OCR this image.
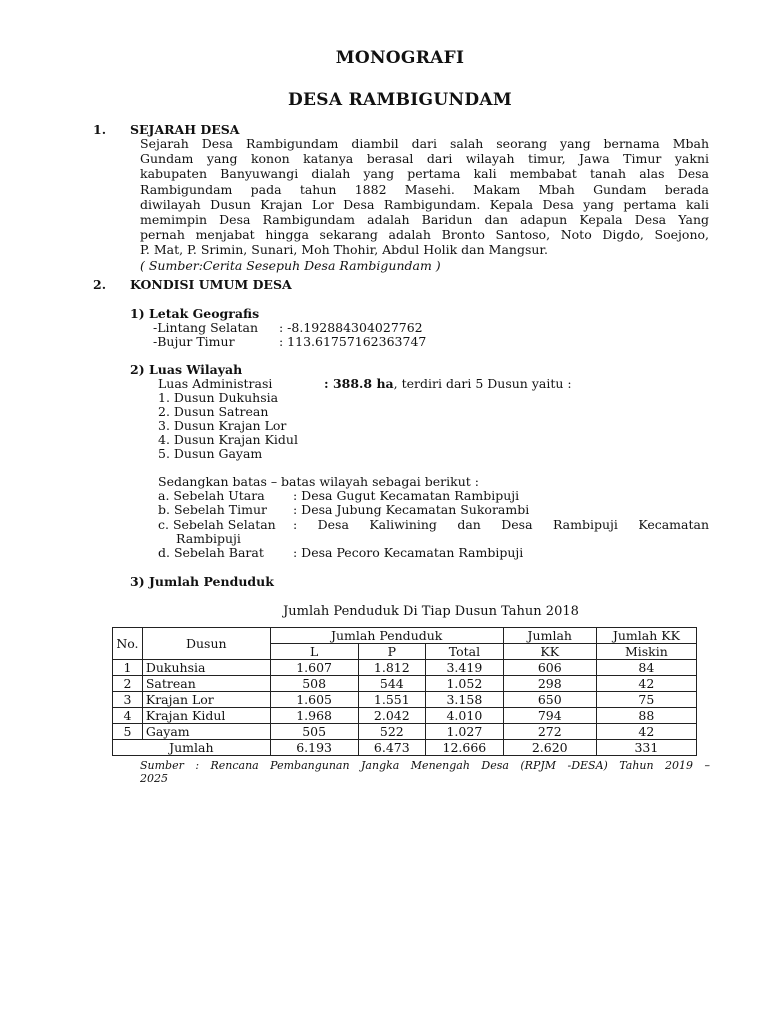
MONOGRAFI
DESA RAMBIGUNDAM
1. SEJARAH DESA
Sejarah Desa Rambigundam diambil dari salah seorang yang bernama Mbah
Gundam yang konon katanya berasal dari wilayah timur, Jawa Timur yakni
kabupaten Banyuwangi dialah yang pertama kali membabat tanah alas Desa
Rambigundam pada tahun 1882 Masehi. Makam Mbah Gundam berada
diwilayah Dusun Krajan Lor Desa Rambigundam. Kepala Desa yang pertama kali
memimpin Desa Rambigundam adalah Baridun dan adapun Kepala Desa Yang
pernah menjabat hingga sekarang adalah Bronto Santoso, Noto Digdo, Soejono,
P. Mat, P. Srimin, Sunari, Moh Thohir, Abdul Holik dan Mangsur.
( Sumber:Cerita Sesepuh Desa Rambigundam )
2. KONDISI UMUM DESA
1) Letak Geografis
-Lintang Selatan : -8.192884304027762
-Bujur Timur	: 113.61757162363747
2) Luas Wilayah
Luas Administrasi	: 388.8 ha, terdiri dari 5 Dusun yaitu :
1. Dusun Dukuhsia
2. Dusun Satrean
3. Dusun Krajan Lor
4. Dusun Krajan Kidul
5. Dusun Gayam
Sedangkan batas – batas wilayah sebagai berikut :
a. Sebelah Utara : Desa Gugut Kecamatan Rambipuji
b. Sebelah Timur : Desa Jubung Kecamatan Sukorambi
c. Sebelah Selatan : Desa Kaliwining dan Desa Rambipuji Kecamatan
Rambipuji
d. Sebelah Barat : Desa Pecoro Kecamatan Rambipuji
3) Jumlah Penduduk
Jumlah Penduduk Di Tiap Dusun Tahun 2018
No.	Dusun	Jumlah Penduduk			Jumlah	Jumlah KK
		L	P	Total	KK	Miskin
1	Dukuhsia	1.607	1.812	3.419	606	84
2	Satrean	508	544	1.052	298	42
3	Krajan Lor	1.605	1.551	3.158	650	75
4	Krajan Kidul	1.968	2.042	4.010	794	88
5	Gayam	505	522	1.027	272	42
Jumlah		6.193	6.473	12.666	2.620	331
Sumber : Rencana Pembangunan Jangka Menengah Desa (RPJM -DESA) Tahun 2019 –
2025
